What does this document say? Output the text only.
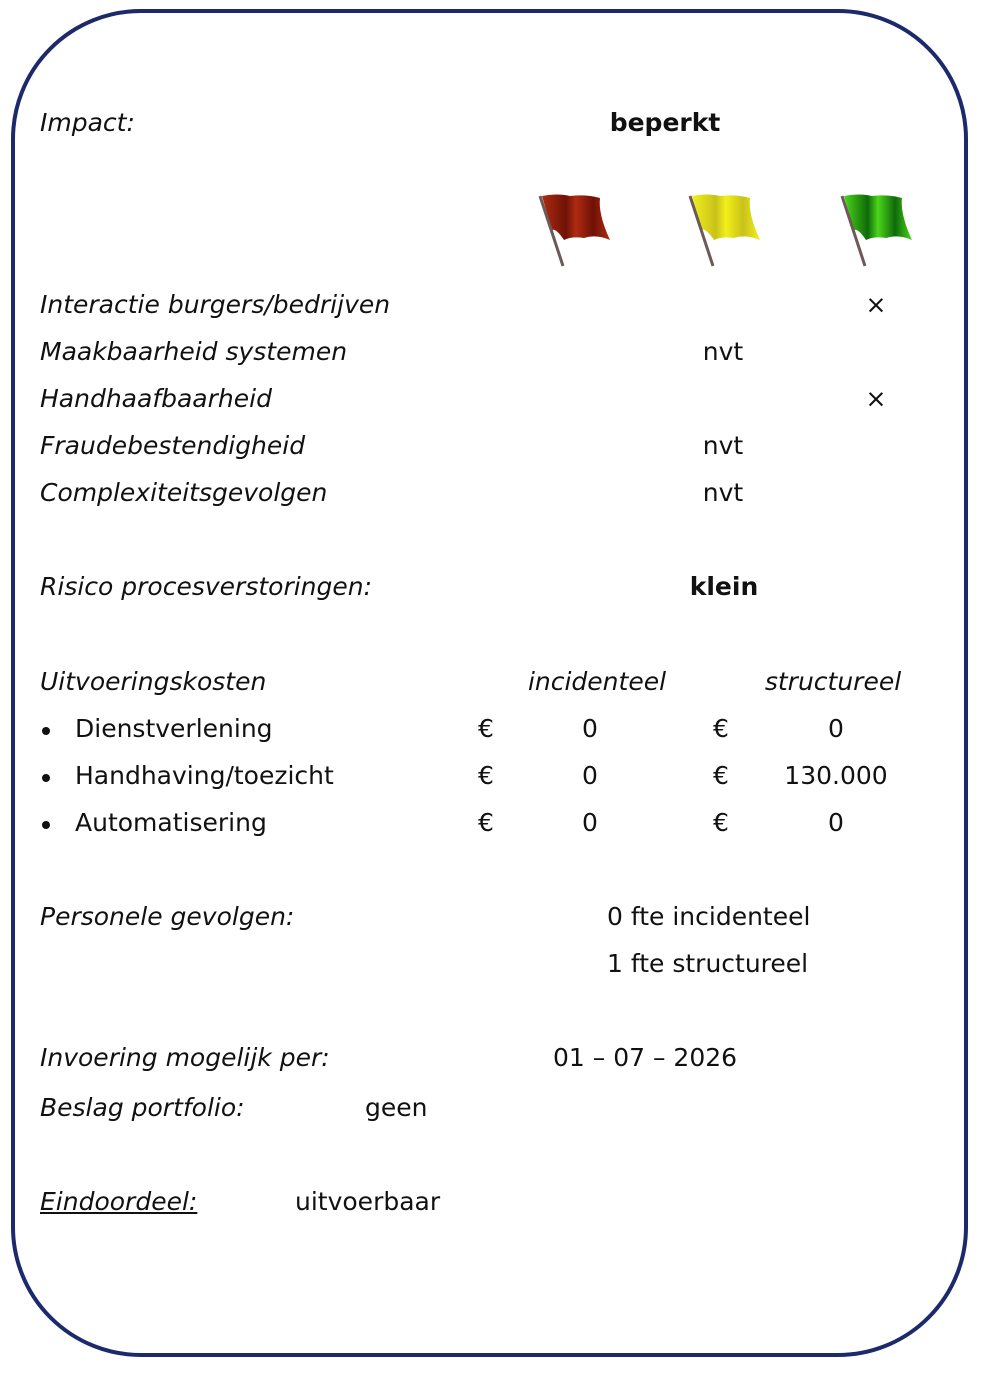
Impact:	beperkt
Interactie burgers/bedrijven	×
Maakbaarheid systemen	nvt
Handhaafbaarheid	×
Fraudebestendigheid	nvt
Complexiteitsgevolgen	nvt
Risico procesverstoringen:	klein
Uitvoeringskosten	incidenteel	structureel
Dienstverlening	€	0	€	0
Handhaving/toezicht	€	0	€ 130.000
Automatisering	€	0	€	0
Personele gevolgen:	0 fte incidenteel
1 fte structureel
Invoering mogelijk per:	01 – 07 – 2026
Beslag portfolio:	geen
Eindoordeel:	uitvoerbaar
